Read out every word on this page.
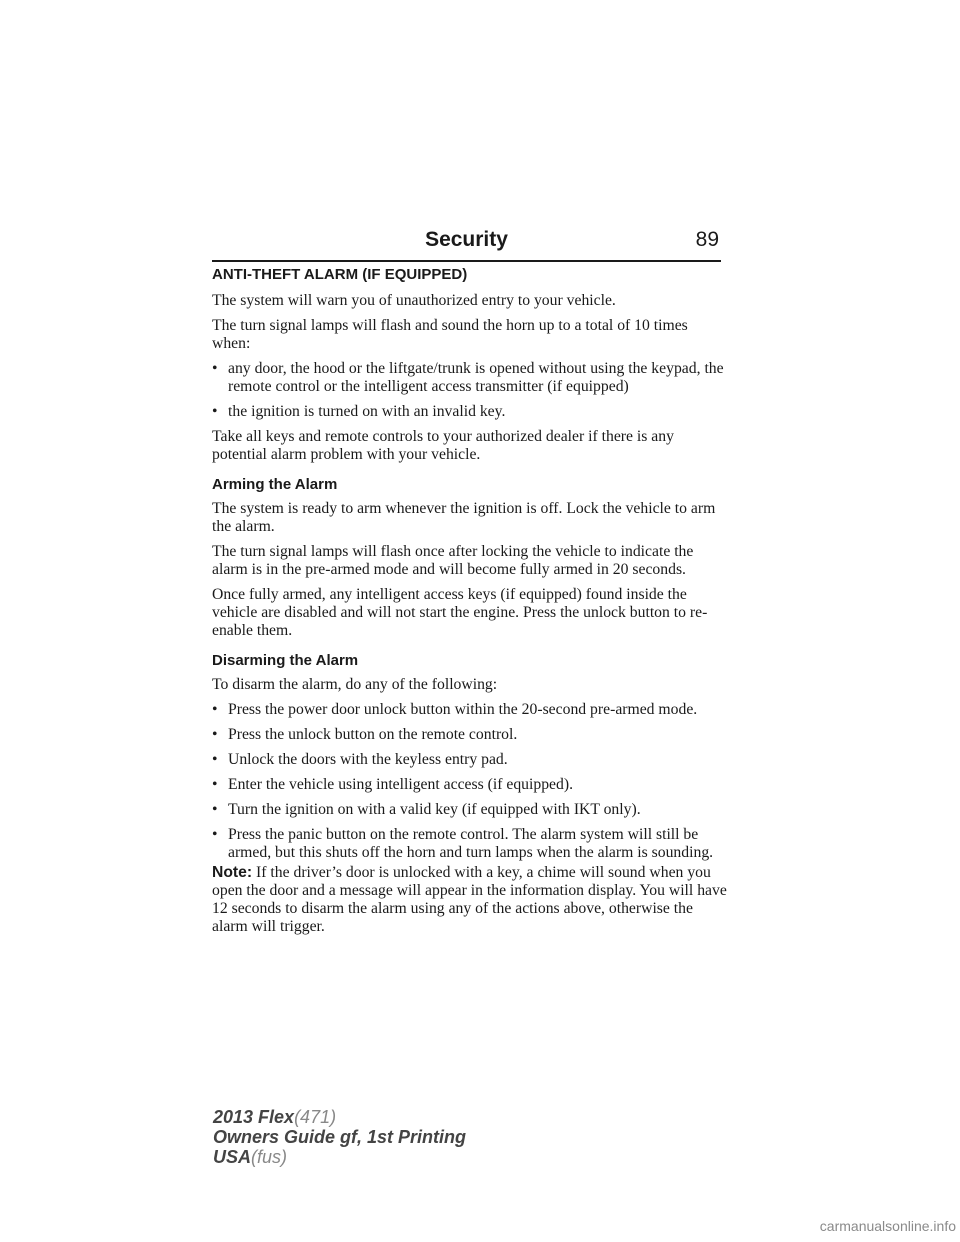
Security	89
ANTI-THEFT ALARM (IF EQUIPPED)

The system will warn you of unauthorized entry to your vehicle.

The turn signal lamps will flash and sound the horn up to a total of 10 times when:

• any door, the hood or the liftgate/trunk is opened without using the keypad, the remote control or the intelligent access transmitter (if equipped)
• the ignition is turned on with an invalid key.

Take all keys and remote controls to your authorized dealer if there is any potential alarm problem with your vehicle.

Arming the Alarm

The system is ready to arm whenever the ignition is off. Lock the vehicle to arm the alarm.

The turn signal lamps will flash once after locking the vehicle to indicate the alarm is in the pre-armed mode and will become fully armed in 20 seconds.

Once fully armed, any intelligent access keys (if equipped) found inside the vehicle are disabled and will not start the engine. Press the unlock button to re-enable them.

Disarming the Alarm

To disarm the alarm, do any of the following:

• Press the power door unlock button within the 20-second pre-armed mode.
• Press the unlock button on the remote control.
• Unlock the doors with the keyless entry pad.
• Enter the vehicle using intelligent access (if equipped).
• Turn the ignition on with a valid key (if equipped with IKT only).
• Press the panic button on the remote control. The alarm system will still be armed, but this shuts off the horn and turn lamps when the alarm is sounding.

Note: If the driver’s door is unlocked with a key, a chime will sound when you open the door and a message will appear in the information display. You will have 12 seconds to disarm the alarm using any of the actions above, otherwise the alarm will trigger.

2013 Flex(471)
Owners Guide gf, 1st Printing
USA(fus)
carmanualsonline.info
